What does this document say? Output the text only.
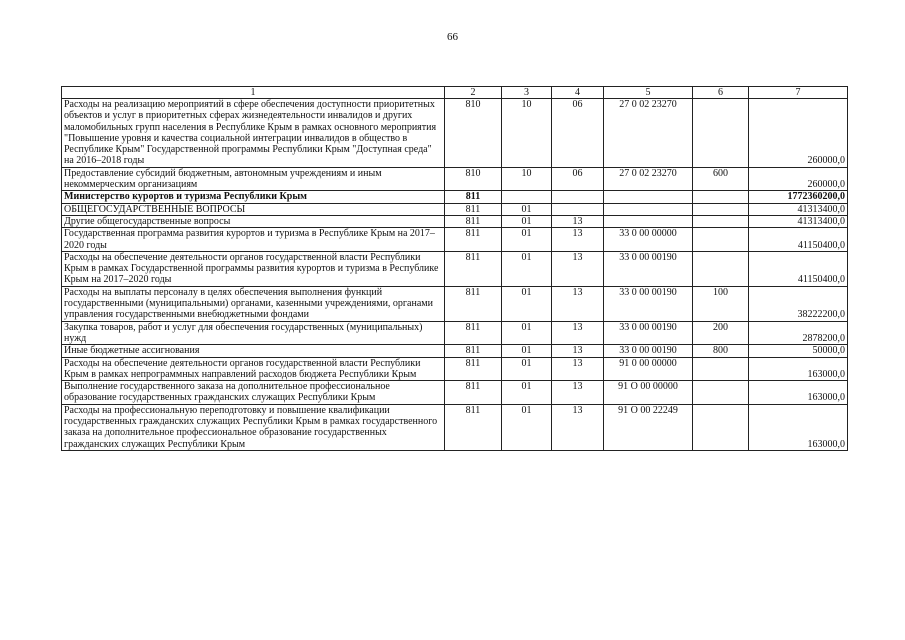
66
1	2	3	4	5	6	7
Расходы на реализацию мероприятий в сфере обеспечения доступности приоритетных объектов и услуг в приоритетных сферах жизнедеятельности инвалидов и других маломобильных групп населения в Республике Крым в рамках основного мероприятия "Повышение уровня и качества социальной интеграции инвалидов в общество в Республике Крым" Государственной программы Республики Крым "Доступная среда" на 2016–2018 годы	810	10	06	27 0 02 23270		260000,0
Предоставление субсидий бюджетным, автономным учреждениям и иным некоммерческим организациям	810	10	06	27 0 02 23270	600	260000,0
Министерство курортов и туризма Республики Крым	811					1772360200,0
ОБЩЕГОСУДАРСТВЕННЫЕ ВОПРОСЫ	811	01				41313400,0
Другие общегосударственные вопросы	811	01	13			41313400,0
Государственная программа развития курортов и туризма в Республике Крым на 2017–2020 годы	811	01	13	33 0 00 00000		41150400,0
Расходы на обеспечение деятельности органов государственной власти Республики Крым в рамках Государственной программы развития курортов и туризма в Республике Крым на 2017–2020 годы	811	01	13	33 0 00 00190		41150400,0
Расходы на выплаты персоналу в целях обеспечения выполнения функций государственными (муниципальными) органами, казенными учреждениями, органами управления государственными внебюджетными фондами	811	01	13	33 0 00 00190	100	38222200,0
Закупка товаров, работ и услуг для обеспечения государственных (муниципальных) нужд	811	01	13	33 0 00 00190	200	2878200,0
Иные бюджетные ассигнования	811	01	13	33 0 00 00190	800	50000,0
Расходы на обеспечение деятельности органов государственной власти Республики Крым в рамках непрограммных направлений расходов бюджета Республики Крым	811	01	13	91 0 00 00000		163000,0
Выполнение государственного заказа на дополнительное профессиональное образование государственных гражданских служащих Республики Крым	811	01	13	91 О 00 00000		163000,0
Расходы на профессиональную переподготовку и повышение квалификации государственных гражданских служащих Республики Крым в рамках государственного заказа на дополнительное профессиональное образование государственных гражданских служащих Республики Крым	811	01	13	91 О 00 22249		163000,0
